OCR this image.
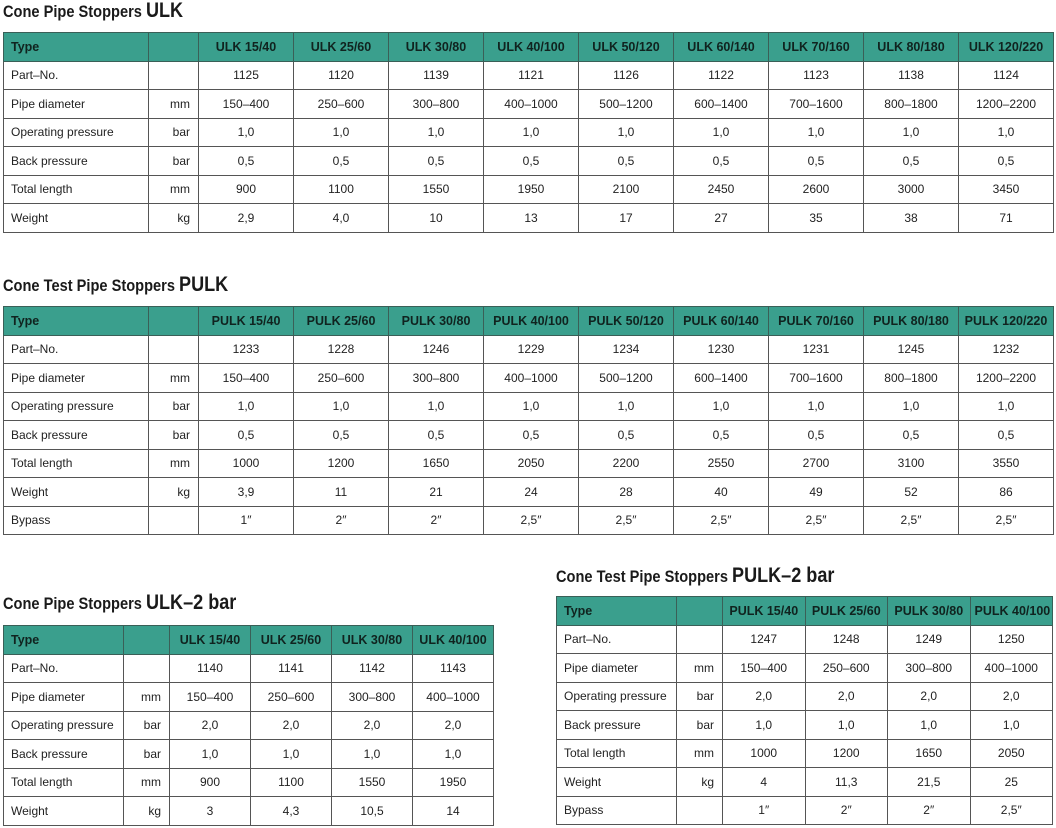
Cone Pipe Stoppers ULK
Type		ULK 15/40	ULK 25/60	ULK 30/80	ULK 40/100	ULK 50/120	ULK 60/140	ULK 70/160	ULK 80/180	ULK 120/220
Part–No.		1125	1120	1139	1121	1126	1122	1123	1138	1124
Pipe diameter	mm	150–400	250–600	300–800	400–1000	500–1200	600–1400	700–1600	800–1800	1200–2200
Operating pressure	bar	1,0	1,0	1,0	1,0	1,0	1,0	1,0	1,0	1,0
Back pressure	bar	0,5	0,5	0,5	0,5	0,5	0,5	0,5	0,5	0,5
Total length	mm	900	1100	1550	1950	2100	2450	2600	3000	3450
Weight	kg	2,9	4,0	10	13	17	27	35	38	71
Cone Test Pipe Stoppers PULK
Type		PULK 15/40	PULK 25/60	PULK 30/80	PULK 40/100	PULK 50/120	PULK 60/140	PULK 70/160	PULK 80/180	PULK 120/220
Part–No.		1233	1228	1246	1229	1234	1230	1231	1245	1232
Pipe diameter	mm	150–400	250–600	300–800	400–1000	500–1200	600–1400	700–1600	800–1800	1200–2200
Operating pressure	bar	1,0	1,0	1,0	1,0	1,0	1,0	1,0	1,0	1,0
Back pressure	bar	0,5	0,5	0,5	0,5	0,5	0,5	0,5	0,5	0,5
Total length	mm	1000	1200	1650	2050	2200	2550	2700	3100	3550
Weight	kg	3,9	11	21	24	28	40	49	52	86
Bypass		1″	2″	2″	2,5″	2,5″	2,5″	2,5″	2,5″	2,5″
Cone Pipe Stoppers ULK–2 bar
Type		ULK 15/40	ULK 25/60	ULK 30/80	ULK 40/100
Part–No.		1140	1141	1142	1143
Pipe diameter	mm	150–400	250–600	300–800	400–1000
Operating pressure	bar	2,0	2,0	2,0	2,0
Back pressure	bar	1,0	1,0	1,0	1,0
Total length	mm	900	1100	1550	1950
Weight	kg	3	4,3	10,5	14
Cone Test Pipe Stoppers PULK–2 bar
Type		PULK 15/40	PULK 25/60	PULK 30/80	PULK 40/100
Part–No.		1247	1248	1249	1250
Pipe diameter	mm	150–400	250–600	300–800	400–1000
Operating pressure	bar	2,0	2,0	2,0	2,0
Back pressure	bar	1,0	1,0	1,0	1,0
Total length	mm	1000	1200	1650	2050
Weight	kg	4	11,3	21,5	25
Bypass		1″	2″	2″	2,5″
